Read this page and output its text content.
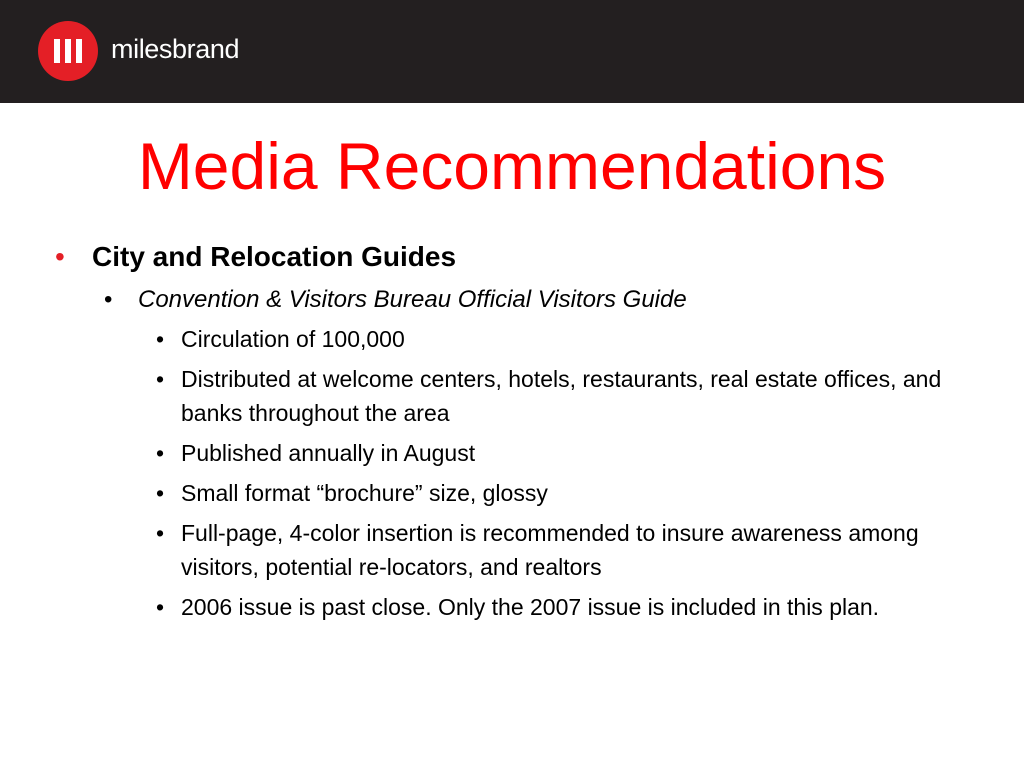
milesbrand
Media Recommendations
• City and Relocation Guides
• Convention & Visitors Bureau Official Visitors Guide
• Circulation of 100,000
• Distributed at welcome centers, hotels, restaurants, real estate offices, and banks throughout the area
• Published annually in August
• Small format “brochure” size, glossy
• Full-page, 4-color insertion is recommended to insure awareness among visitors, potential re-locators, and realtors
• 2006 issue is past close. Only the 2007 issue is included in this plan.
